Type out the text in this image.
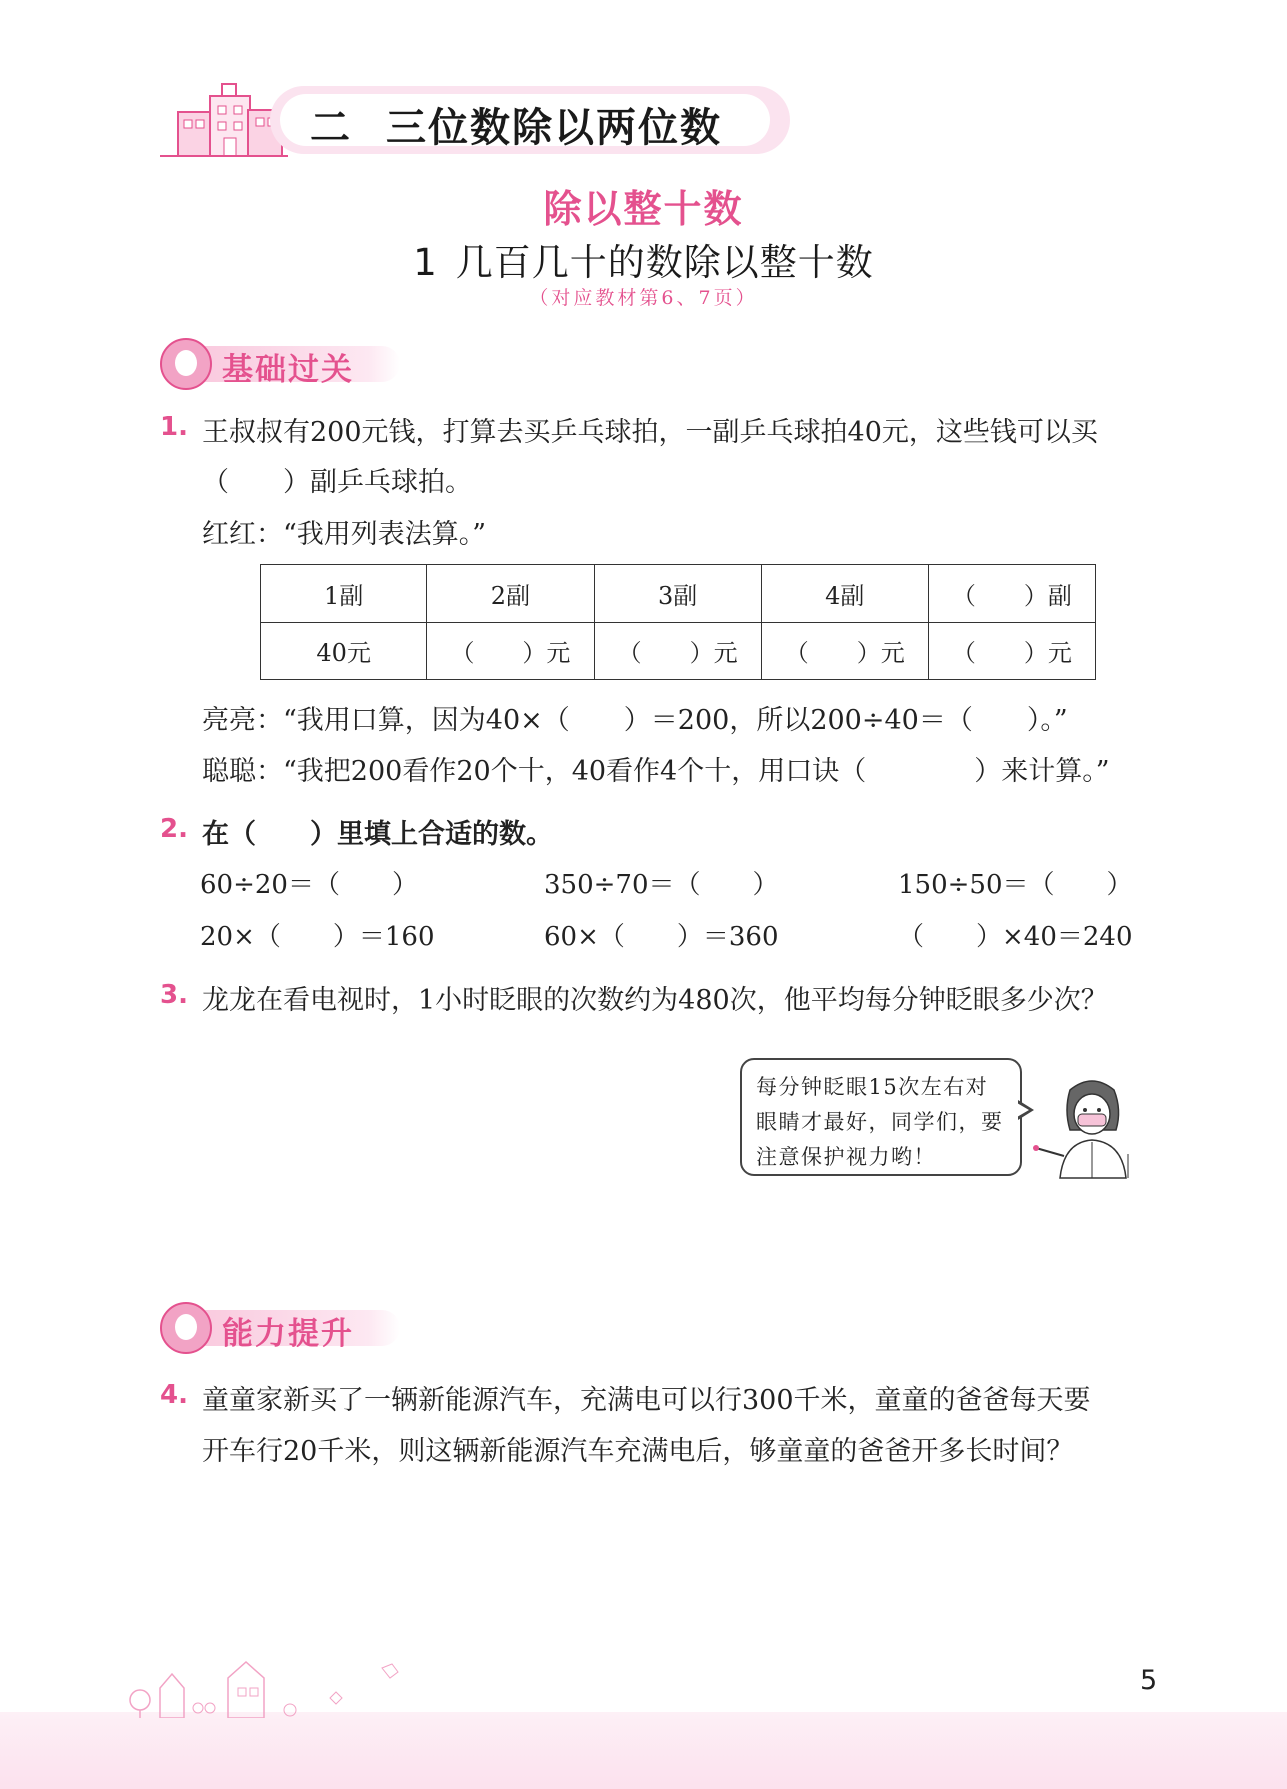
二 三位数除以两位数
除以整十数
1 几百几十的数除以整十数
（对应教材第6、7页）
基础过关
1. 王叔叔有200元钱，打算去买乒乓球拍，一副乒乓球拍40元，这些钱可以买
（　　）副乒乓球拍。
红红：“我用列表法算。”
1副	2副	3副	4副	（　　）副
40元	（　　）元	（　　）元	（　　）元	（　　）元
亮亮：“我用口算，因为40×（　　）＝200，所以200÷40＝（　　）。”
聪聪：“我把200看作20个十，40看作4个十，用口诀（　　　　）来计算。”
2. 在（　　）里填上合适的数。
60÷20＝（　　）	350÷70＝（　　）	150÷50＝（　　）
20×（　　）＝160	60×（　　）＝360	（　　）×40＝240
3. 龙龙在看电视时，1小时眨眼的次数约为480次，他平均每分钟眨眼多少次？
每分钟眨眼15次左右对
眼睛才最好，同学们，要
注意保护视力哟！
能力提升
4. 童童家新买了一辆新能源汽车，充满电可以行300千米，童童的爸爸每天要
开车行20千米，则这辆新能源汽车充满电后，够童童的爸爸开多长时间？
5
